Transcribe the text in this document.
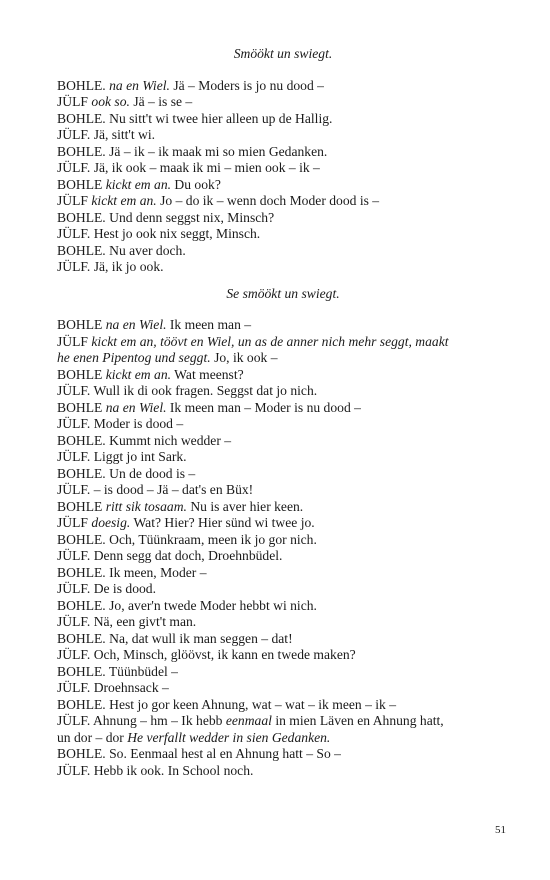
Smöökt un swiegt.

BOHLE. na en Wiel. Jä – Moders is jo nu dood –

JÜLF ook so. Jä – is se –

BOHLE. Nu sitt't wi twee hier alleen up de Hallig.

JÜLF. Jä, sitt't wi.

BOHLE. Jä – ik – ik maak mi so mien Gedanken.

JÜLF. Jä, ik ook – maak ik mi – mien ook – ik –

BOHLE kickt em an. Du ook?

JÜLF kickt em an. Jo – do ik – wenn doch Moder dood is –

BOHLE. Und denn seggst nix, Minsch?

JÜLF. Hest jo ook nix seggt, Minsch.

BOHLE. Nu aver doch.

JÜLF. Jä, ik jo ook.

Se smöökt un swiegt.

BOHLE na en Wiel. Ik meen man –

JÜLF kickt em an, töövt en Wiel, un as de anner nich mehr seggt, maakt

he enen Pipentog und seggt. Jo, ik ook –

BOHLE kickt em an. Wat meenst?

JÜLF. Wull ik di ook fragen. Seggst dat jo nich.

BOHLE na en Wiel. Ik meen man – Moder is nu dood –

JÜLF. Moder is dood –

BOHLE. Kummt nich wedder –

JÜLF. Liggt jo int Sark.

BOHLE. Un de dood is –

JÜLF. – is dood – Jä – dat's en Büx!

BOHLE ritt sik tosaam. Nu is aver hier keen.

JÜLF doesig. Wat? Hier? Hier sünd wi twee jo.

BOHLE. Och, Tüünkraam, meen ik jo gor nich.

JÜLF. Denn segg dat doch, Droehnbüdel.

BOHLE. Ik meen, Moder –

JÜLF. De is dood.

BOHLE. Jo, aver'n twede Moder hebbt wi nich.

JÜLF. Nä, een givt't man.

BOHLE. Na, dat wull ik man seggen – dat!

JÜLF. Och, Minsch, glöövst, ik kann en twede maken?

BOHLE. Tüünbüdel –

JÜLF. Droehnsack –

BOHLE. Hest jo gor keen Ahnung, wat – wat – ik meen – ik –

JÜLF. Ahnung – hm – Ik hebb eenmaal in mien Läven en Ahnung hatt,

un dor – dor He verfallt wedder in sien Gedanken.

BOHLE. So. Eenmaal hest al en Ahnung hatt – So –

JÜLF. Hebb ik ook. In School noch.

51
